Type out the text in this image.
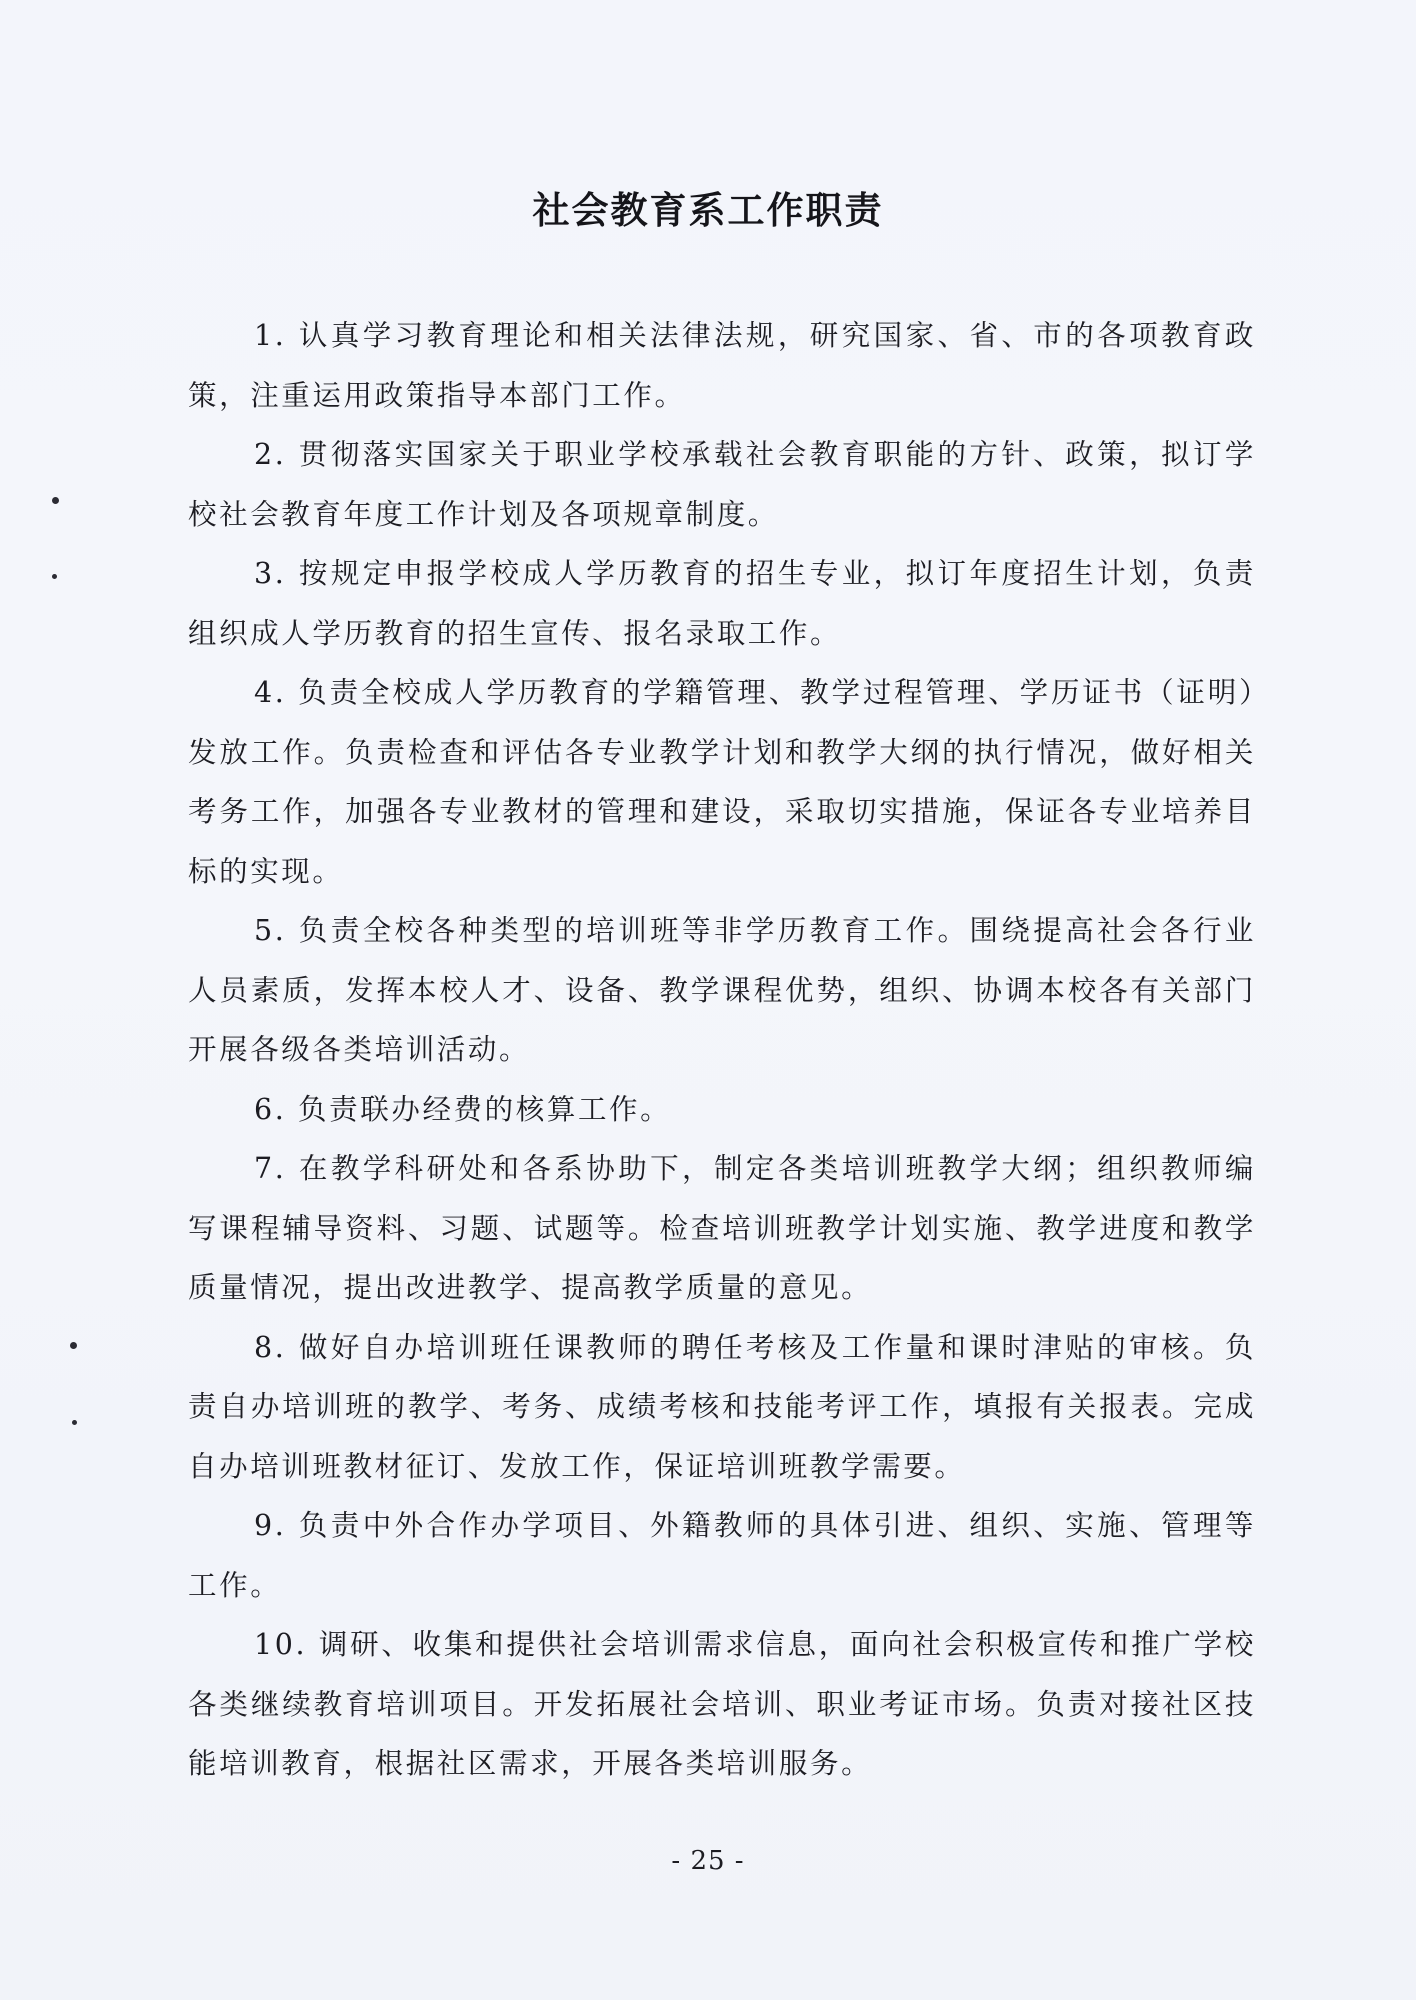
社会教育系工作职责

1. 认真学习教育理论和相关法律法规，研究国家、省、市的各项教育政策，注重运用政策指导本部门工作。

2. 贯彻落实国家关于职业学校承载社会教育职能的方针、政策，拟订学校社会教育年度工作计划及各项规章制度。

3. 按规定申报学校成人学历教育的招生专业，拟订年度招生计划，负责组织成人学历教育的招生宣传、报名录取工作。

4. 负责全校成人学历教育的学籍管理、教学过程管理、学历证书（证明）发放工作。负责检查和评估各专业教学计划和教学大纲的执行情况，做好相关考务工作，加强各专业教材的管理和建设，采取切实措施，保证各专业培养目标的实现。

5. 负责全校各种类型的培训班等非学历教育工作。围绕提高社会各行业人员素质，发挥本校人才、设备、教学课程优势，组织、协调本校各有关部门开展各级各类培训活动。

6. 负责联办经费的核算工作。

7. 在教学科研处和各系协助下，制定各类培训班教学大纲；组织教师编写课程辅导资料、习题、试题等。检查培训班教学计划实施、教学进度和教学质量情况，提出改进教学、提高教学质量的意见。

8. 做好自办培训班任课教师的聘任考核及工作量和课时津贴的审核。负责自办培训班的教学、考务、成绩考核和技能考评工作，填报有关报表。完成自办培训班教材征订、发放工作，保证培训班教学需要。

9. 负责中外合作办学项目、外籍教师的具体引进、组织、实施、管理等工作。

10. 调研、收集和提供社会培训需求信息，面向社会积极宣传和推广学校各类继续教育培训项目。开发拓展社会培训、职业考证市场。负责对接社区技能培训教育，根据社区需求，开展各类培训服务。

- 25 -
